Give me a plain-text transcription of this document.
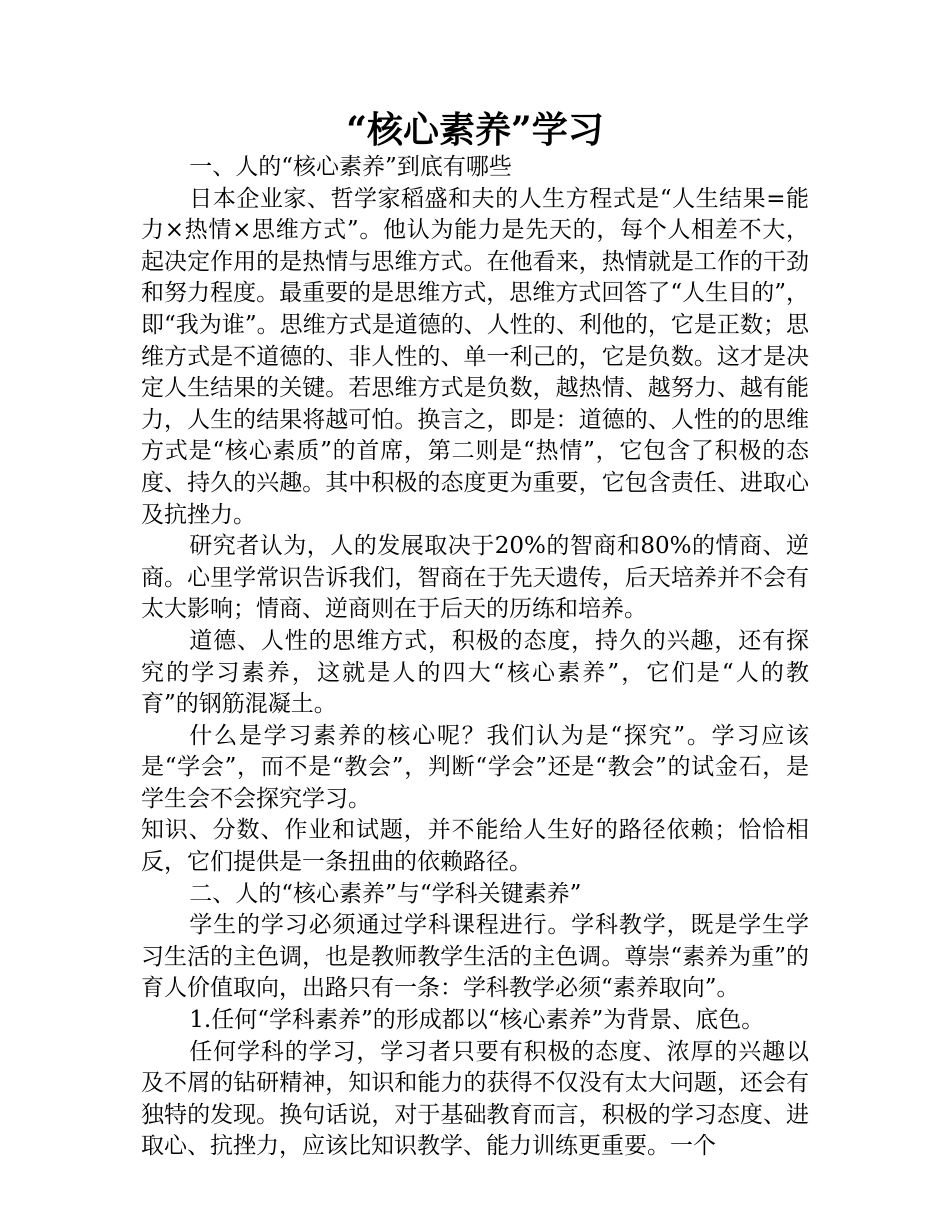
“核心素养”学习

一、人的“核心素养”到底有哪些

日本企业家、哲学家稻盛和夫的人生方程式是“人生结果=能力×热情×思维方式”。他认为能力是先天的，每个人相差不大，起决定作用的是热情与思维方式。在他看来，热情就是工作的干劲和努力程度。最重要的是思维方式，思维方式回答了“人生目的”，即“我为谁”。思维方式是道德的、人性的、利他的，它是正数；思维方式是不道德的、非人性的、单一利己的，它是负数。这才是决定人生结果的关键。若思维方式是负数，越热情、越努力、越有能力，人生的结果将越可怕。换言之，即是：道德的、人性的的思维方式是“核心素质”的首席，第二则是“热情”，它包含了积极的态度、持久的兴趣。其中积极的态度更为重要，它包含责任、进取心及抗挫力。

研究者认为，人的发展取决于20%的智商和80%的情商、逆商。心里学常识告诉我们，智商在于先天遗传，后天培养并不会有太大影响；情商、逆商则在于后天的历练和培养。

道德、人性的思维方式，积极的态度，持久的兴趣，还有探究的学习素养，这就是人的四大“核心素养”，它们是“人的教育”的钢筋混凝土。

什么是学习素养的核心呢？我们认为是“探究”。学习应该是“学会”，而不是“教会”，判断“学会”还是“教会”的试金石，是学生会不会探究学习。

知识、分数、作业和试题，并不能给人生好的路径依赖；恰恰相反，它们提供是一条扭曲的依赖路径。

二、人的“核心素养”与“学科关键素养”

学生的学习必须通过学科课程进行。学科教学，既是学生学习生活的主色调，也是教师教学生活的主色调。尊崇“素养为重”的育人价值取向，出路只有一条：学科教学必须“素养取向”。

1.任何“学科素养”的形成都以“核心素养”为背景、底色。

任何学科的学习，学习者只要有积极的态度、浓厚的兴趣以及不屑的钻研精神，知识和能力的获得不仅没有太大问题，还会有独特的发现。换句话说，对于基础教育而言，积极的学习态度、进取心、抗挫力，应该比知识教学、能力训练更重要。一个
